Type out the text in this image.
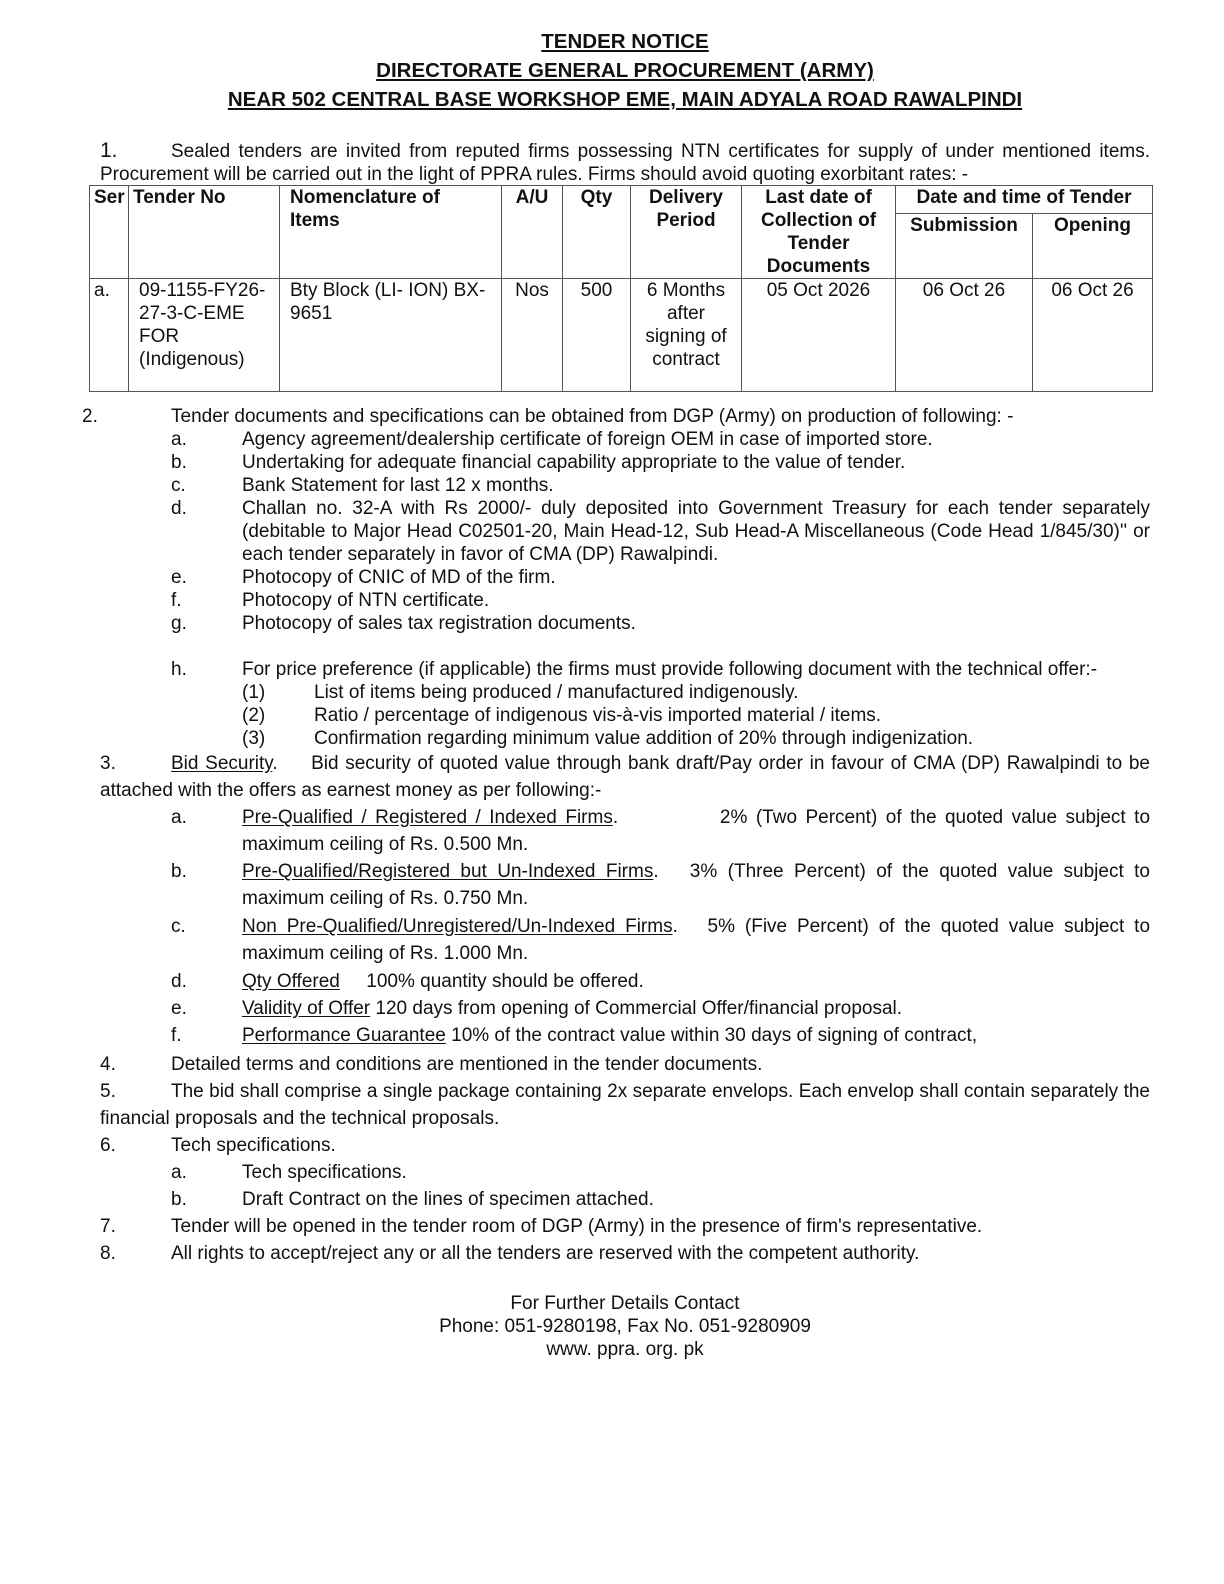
TENDER NOTICE
DIRECTORATE GENERAL PROCUREMENT (ARMY)
NEAR 502 CENTRAL BASE WORKSHOP EME, MAIN ADYALA ROAD RAWALPINDI
1.	Sealed tenders are invited from reputed firms possessing NTN certificates for supply of under mentioned items. Procurement will be carried out in the light of PPRA rules. Firms should avoid quoting exorbitant rates: -
Ser	Tender No	Nomenclature of Items	A/U	Qty	Delivery Period	Last date of Collection of Tender Documents	Date and time of Tender	
							Submission	Opening
a.	09-1155-FY26-27-3-C-EME FOR (Indigenous)	Bty Block (LI- ION) BX-9651	Nos	500	6 Months after signing of contract	05 Oct 2026	06 Oct 26	06 Oct 26
2.	Tender documents and specifications can be obtained from DGP (Army) on production of following: -
a.	Agency agreement/dealership certificate of foreign OEM in case of imported store.
b.	Undertaking for adequate financial capability appropriate to the value of tender.
c.	Bank Statement for last 12 x months.
d.	Challan no. 32-A with Rs 2000/- duly deposited into Government Treasury for each tender separately (debitable to Major Head C02501-20, Main Head-12, Sub Head-A Miscellaneous (Code Head 1/845/30)'' or each tender separately in favor of CMA (DP) Rawalpindi.
e.	Photocopy of CNIC of MD of the firm.
f.	Photocopy of NTN certificate.
g.	Photocopy of sales tax registration documents.
h.	For price preference (if applicable) the firms must provide following document with the technical offer:-
(1)	List of items being produced / manufactured indigenously.
(2)	Ratio / percentage of indigenous vis-à-vis imported material / items.
(3)	Confirmation regarding minimum value addition of 20% through indigenization.
3.	Bid Security.     Bid security of quoted value through bank draft/Pay order in favour of CMA (DP) Rawalpindi to be attached with the offers as earnest money as per following:-
a.	Pre-Qualified / Registered / Indexed Firms.            2% (Two Percent) of the quoted value subject to maximum ceiling of Rs. 0.500 Mn.
b.	Pre-Qualified/Registered but Un-Indexed Firms.   3% (Three Percent) of the quoted value subject to maximum ceiling of Rs. 0.750 Mn.
c.	Non Pre-Qualified/Unregistered/Un-Indexed Firms.   5% (Five Percent) of the quoted value subject to maximum ceiling of Rs. 1.000 Mn.
d.	Qty Offered 100% quantity should be offered.
e.	Validity of Offer 120 days from opening of Commercial Offer/financial proposal.
f.	Performance Guarantee 10% of the contract value within 30 days of signing of contract,
4.	Detailed terms and conditions are mentioned in the tender documents.
5.	The bid shall comprise a single package containing 2x separate envelops. Each envelop shall contain separately the financial proposals and the technical proposals.
6.	Tech specifications.
a.	Tech specifications.
b.	Draft Contract on the lines of specimen attached.
7.	Tender will be opened in the tender room of DGP (Army) in the presence of firm's representative.
8.	All rights to accept/reject any or all the tenders are reserved with the competent authority.
For Further Details Contact
Phone: 051-9280198, Fax No. 051-9280909
www. ppra. org. pk
